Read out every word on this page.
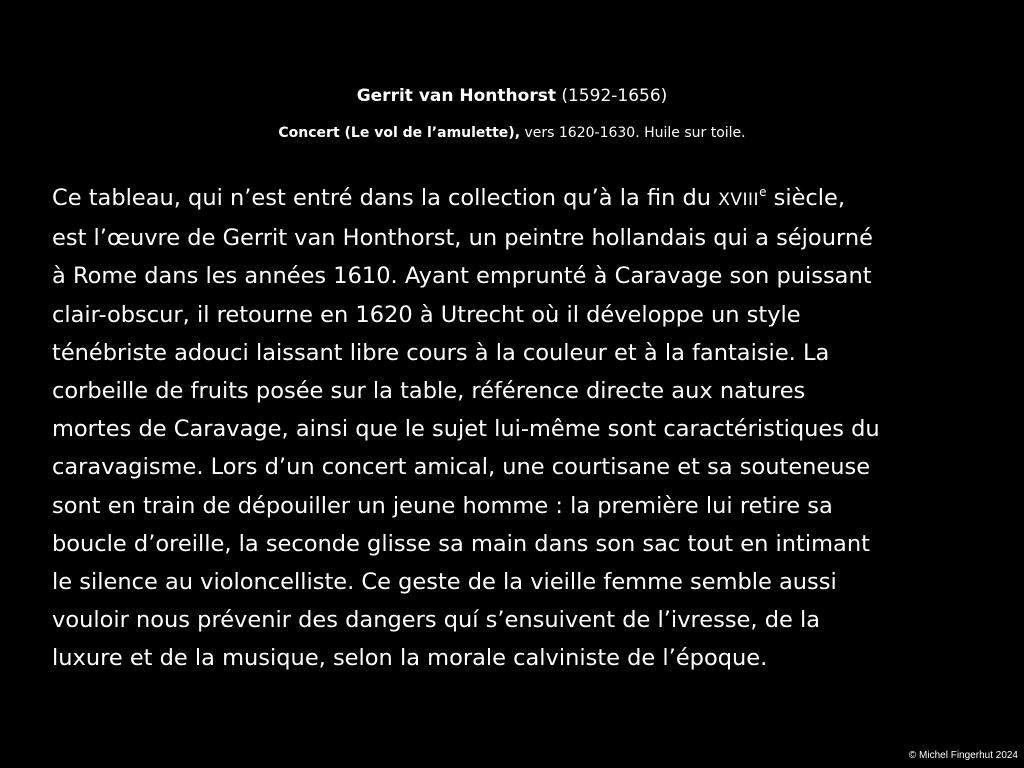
Gerrit van Honthorst (1592-1656)
Concert (Le vol de l’amulette), vers 1620-1630. Huile sur toile.
Ce tableau, qui n’est entré dans la collection qu’à la fin du XVIIIe siècle,
est l’œuvre de Gerrit van Honthorst, un peintre hollandais qui a séjourné
à Rome dans les années 1610. Ayant emprunté à Caravage son puissant
clair-obscur, il retourne en 1620 à Utrecht où il développe un style
ténébriste adouci laissant libre cours à la couleur et à la fantaisie. La
corbeille de fruits posée sur la table, référence directe aux natures
mortes de Caravage, ainsi que le sujet lui-même sont caractéristiques du
caravagisme. Lors d’un concert amical, une courtisane et sa souteneuse
sont en train de dépouiller un jeune homme : la première lui retire sa
boucle d’oreille, la seconde glisse sa main dans son sac tout en intimant
le silence au violoncelliste. Ce geste de la vieille femme semble aussi
vouloir nous prévenir des dangers quí s’ensuivent de l’ivresse, de la
luxure et de la musique, selon la morale calviniste de l’époque.
© Michel Fingerhut 2024
